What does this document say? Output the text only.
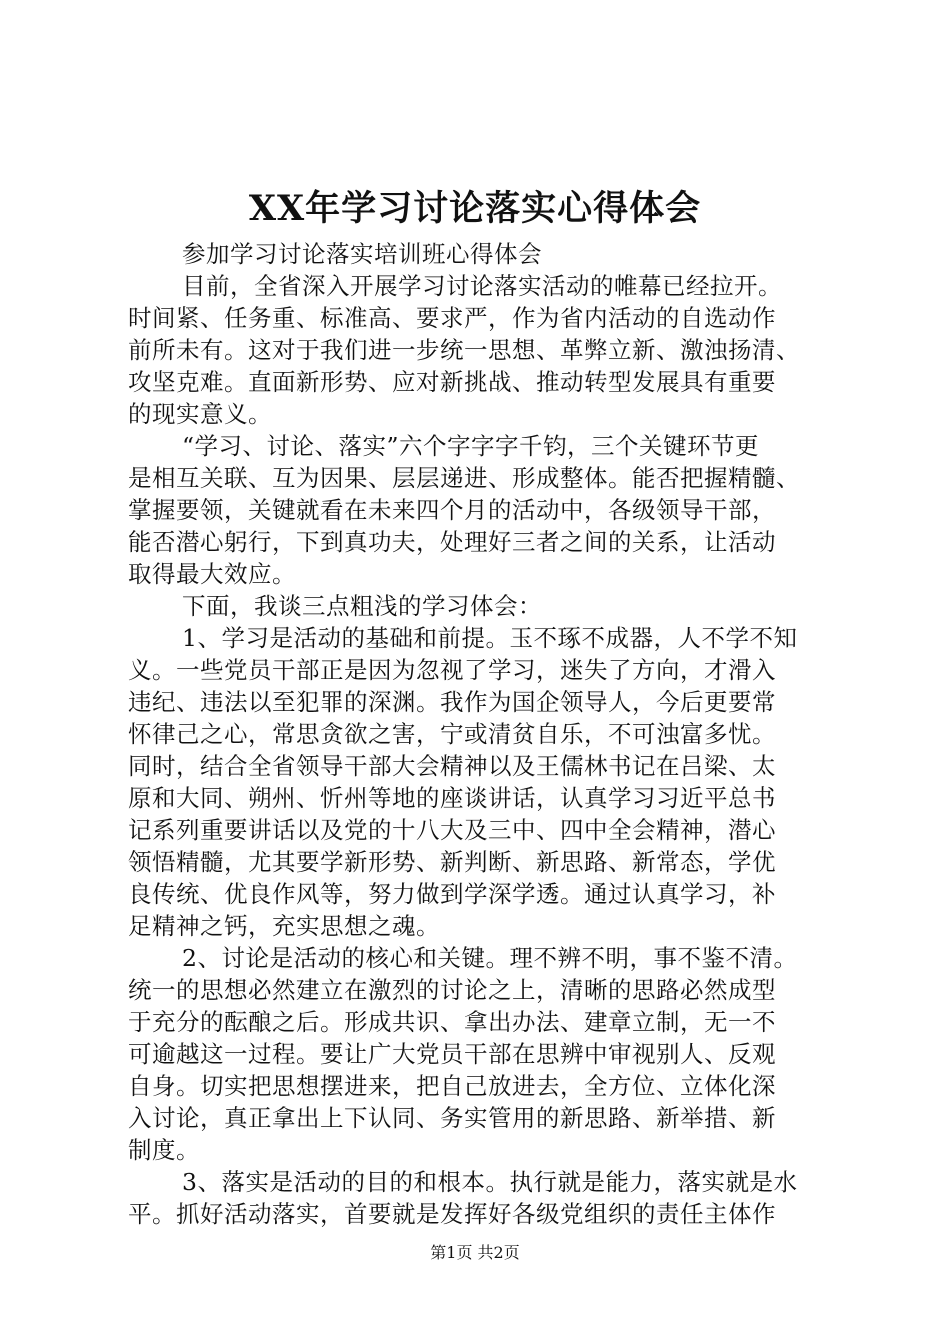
XX年学习讨论落实心得体会
参加学习讨论落实培训班心得体会
目前，全省深入开展学习讨论落实活动的帷幕已经拉开。
时间紧、任务重、标准高、要求严，作为省内活动的自选动作
前所未有。这对于我们进一步统一思想、革弊立新、激浊扬清、
攻坚克难。直面新形势、应对新挑战、推动转型发展具有重要
的现实意义。
“学习、讨论、落实”六个字字字千钧，三个关键环节更
是相互关联、互为因果、层层递进、形成整体。能否把握精髓、
掌握要领，关键就看在未来四个月的活动中，各级领导干部，
能否潜心躬行，下到真功夫，处理好三者之间的关系，让活动
取得最大效应。
下面，我谈三点粗浅的学习体会：
1、学习是活动的基础和前提。玉不琢不成器，人不学不知
义。一些党员干部正是因为忽视了学习，迷失了方向，才滑入
违纪、违法以至犯罪的深渊。我作为国企领导人，今后更要常
怀律己之心，常思贪欲之害，宁或清贫自乐，不可浊富多忧。
同时，结合全省领导干部大会精神以及王儒林书记在吕梁、太
原和大同、朔州、忻州等地的座谈讲话，认真学习习近平总书
记系列重要讲话以及党的十八大及三中、四中全会精神，潜心
领悟精髓，尤其要学新形势、新判断、新思路、新常态，学优
良传统、优良作风等，努力做到学深学透。通过认真学习，补
足精神之钙，充实思想之魂。
2、讨论是活动的核心和关键。理不辨不明，事不鉴不清。
统一的思想必然建立在激烈的讨论之上，清晰的思路必然成型
于充分的酝酿之后。形成共识、拿出办法、建章立制，无一不
可逾越这一过程。要让广大党员干部在思辨中审视别人、反观
自身。切实把思想摆进来，把自己放进去，全方位、立体化深
入讨论，真正拿出上下认同、务实管用的新思路、新举措、新
制度。
3、落实是活动的目的和根本。执行就是能力，落实就是水
平。抓好活动落实，首要就是发挥好各级党组织的责任主体作
第1页 共2页
